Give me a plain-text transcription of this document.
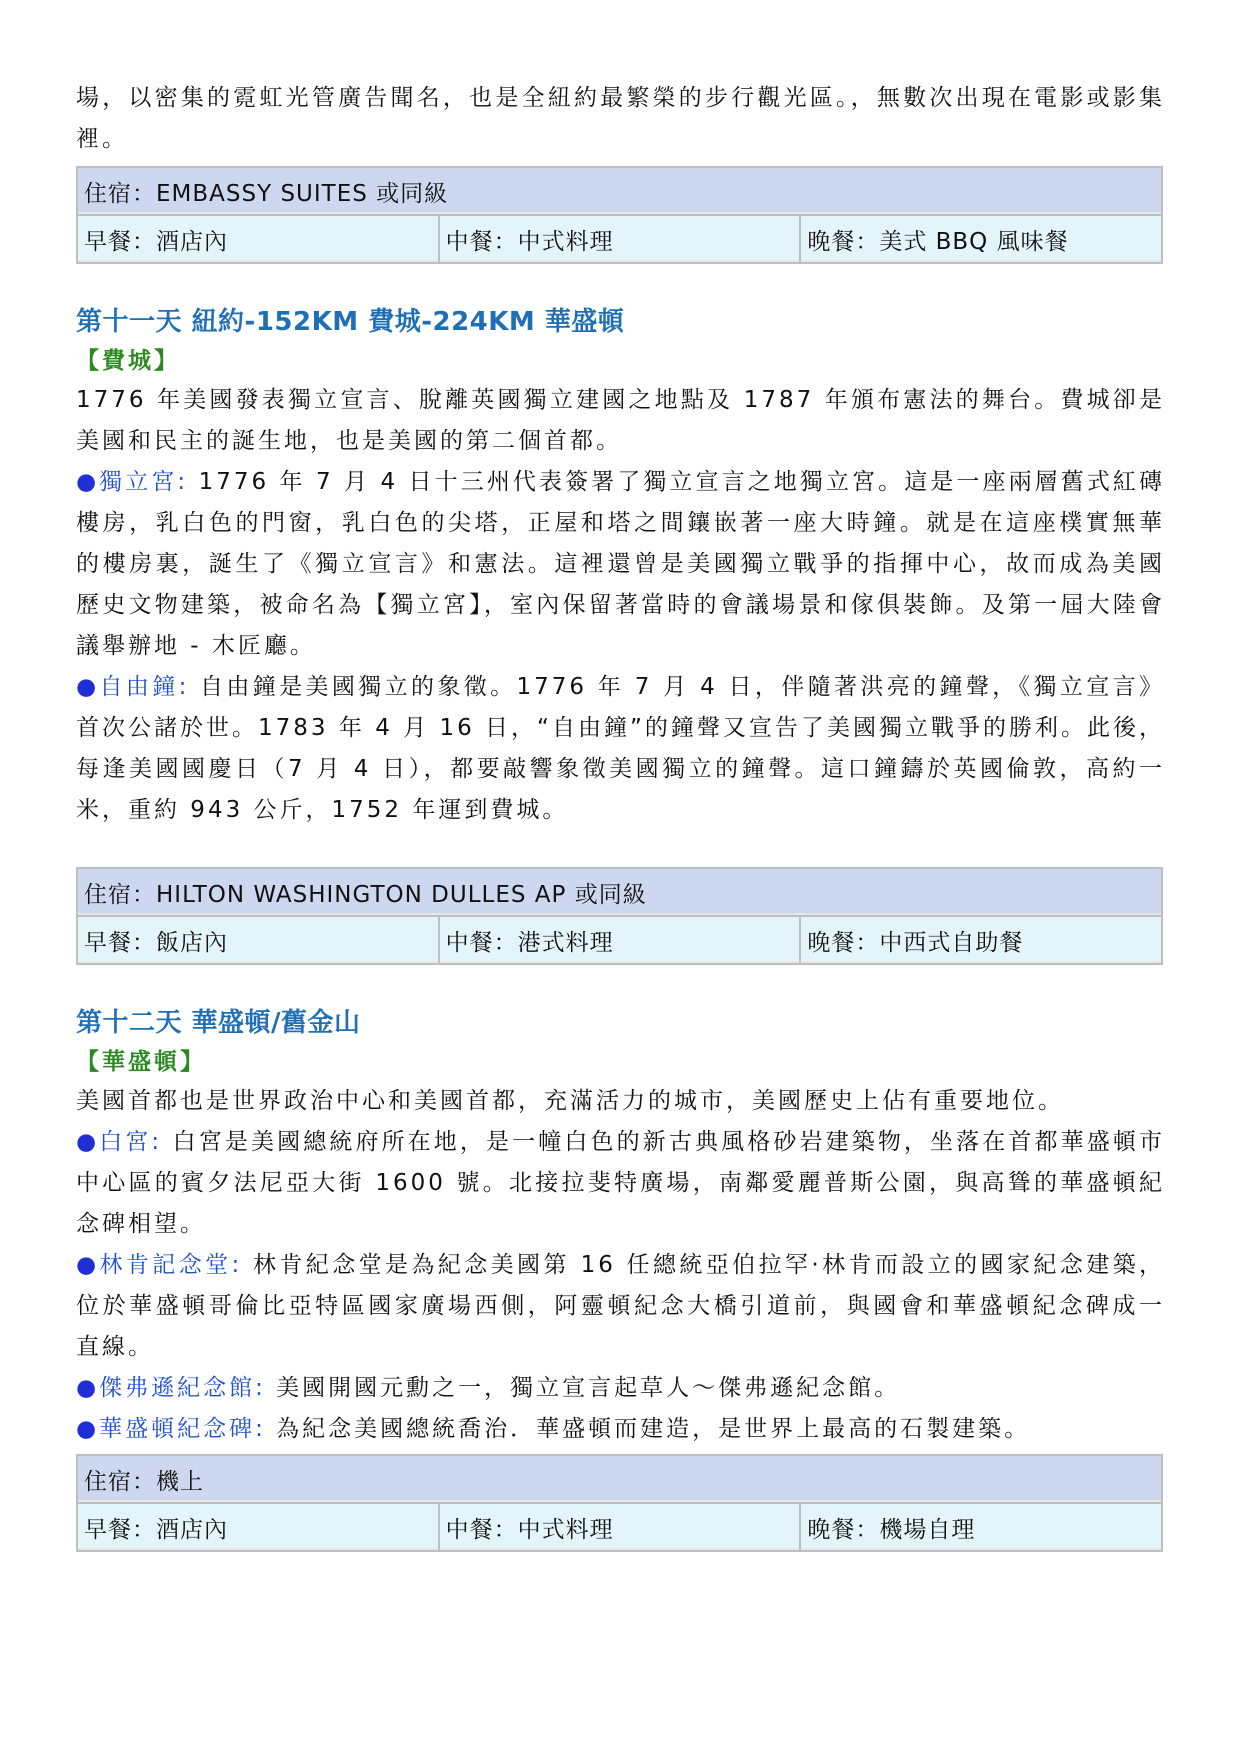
場，以密集的霓虹光管廣告聞名，也是全紐約最繁榮的步行觀光區。，無數次出現在電影或影集裡。

住宿：EMBASSY SUITES 或同級
早餐：酒店內	中餐：中式料理	晚餐：美式 BBQ 風味餐
第十一天 紐約-152KM 費城-224KM 華盛頓
【費城】

1776 年美國發表獨立宣言、脫離英國獨立建國之地點及 1787 年頒布憲法的舞台。費城卻是美國和民主的誕生地，也是美國的第二個首都。

●獨立宮: 1776 年 7 月 4 日十三州代表簽署了獨立宣言之地獨立宮。這是一座兩層舊式紅磚樓房，乳白色的門窗，乳白色的尖塔，正屋和塔之間鑲嵌著一座大時鐘。就是在這座樸實無華的樓房裏，誕生了《獨立宣言》和憲法。這裡還曾是美國獨立戰爭的指揮中心，故而成為美國歷史文物建築，被命名為【獨立宮】，室內保留著當時的會議場景和傢俱裝飾。及第一屆大陸會議舉辦地 - 木匠廳。

●自由鐘: 自由鐘是美國獨立的象徵。1776 年 7 月 4 日，伴隨著洪亮的鐘聲，《獨立宣言》首次公諸於世。1783 年 4 月 16 日，“自由鐘”的鐘聲又宣告了美國獨立戰爭的勝利。此後，每逢美國國慶日（7 月 4 日），都要敲響象徵美國獨立的鐘聲。這口鐘鑄於英國倫敦，高約一米，重約 943 公斤，1752 年運到費城。

住宿：HILTON WASHINGTON DULLES AP 或同級
早餐：飯店內	中餐：港式料理	晚餐：中西式自助餐
第十二天 華盛頓/舊金山
【華盛頓】

美國首都也是世界政治中心和美國首都，充滿活力的城市，美國歷史上佔有重要地位。

●白宮: 白宮是美國總統府所在地，是一幢白色的新古典風格砂岩建築物，坐落在首都華盛頓市中心區的賓夕法尼亞大街 1600 號。北接拉斐特廣場，南鄰愛麗普斯公園，與高聳的華盛頓紀念碑相望。

●林肯記念堂: 林肯紀念堂是為紀念美國第 16 任總統亞伯拉罕·林肯而設立的國家紀念建築，位於華盛頓哥倫比亞特區國家廣場西側，阿靈頓紀念大橋引道前，與國會和華盛頓紀念碑成一直線。

●傑弗遜紀念館: 美國開國元勳之一，獨立宣言起草人～傑弗遜紀念館。

●華盛頓紀念碑: 為紀念美國總統喬治．華盛頓而建造，是世界上最高的石製建築。

住宿：機上
早餐：酒店內	中餐：中式料理	晚餐：機場自理
